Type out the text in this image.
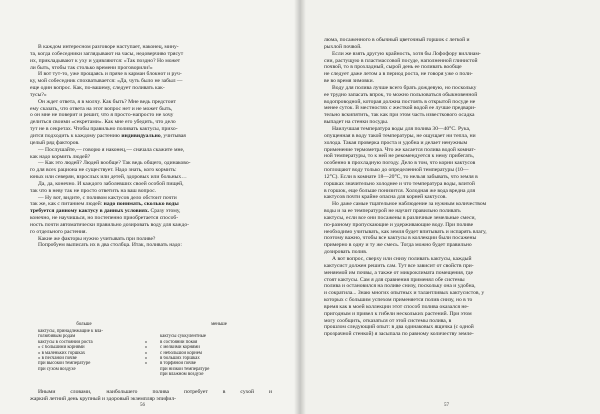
В каждом интересном разговоре наступает, наконец, мину-
та, когда собеседники заглядывают на часы, недоверчиво трясут
их, прикладывают к уху и удивляются: «Так поздно? Но может
ли быть, чтобы так столько времени проговорили!»
И вот тут-то, уже прощаясь и пряче в карман блокнот и руч-
ку, мой собеседник спохватывается: «Да, чуть было не забыл —
еще один вопрос. Как, по-вашему, следует поливать как-
тусы?»
Он ждет ответа, я в молчу. Как быть? Мне ведь предстоит
ему сказать, что ответа на этот вопрос нет и не может быть,
о он мне не поверит и решит, что я просто-напросто не хочу
делиться своими «секретами». Как мне его убедить, что дело
тут не в секретах. Чтобы правильно поливать кактусы, прихо-
дится подходить к каждому растению индивидуально, учитывая
целый ряд факторов.
— Послушайте,— говорю я наконец,— сначала скажите мне,
как надо кормить людей?
— Как это людей? Людей вообще? Так ведь общего, одинаково-
го для всех рациона не существует. Надо знать, кого кормить:
юных или северян, взрослых или детей, здоровых или больных…
Да, да, конечно. И каждого заболевших своей особой пищей,
так что в неву так не просто ответить на ваш вопрос.
— Ну вот, видите, с поливом кактусов дело обстоит почти
так же, как с питанием людей: надо понимать, сколько воды
требуется данному кактусу в данных условиях. Сразу этому,
конечно, не научишься, но постепенно приобретается способ-
ность почти автоматически правильно дозировать воду для каждо-
го отдельного растения.
Какие же факторы нужно учитывать при поливе?
Попробуем выписать их в два столбца. Итак, поливать надо:
больше
кактусы, принадлежащие к вла-
голюбивым родам
кактусы в состоянии роста
» с большими корнями
» в маленьких горшках
» в песчаной почве
при высокой температуре
при сухом воздухе
»
»
»
»
»
меньше
кактусы суккулентные
в состоянии покоя
с мелкими корнями
с небольшой корнем
в больших горшках
в торфяной почве
при низкой температуре
при влажном воздухе
Иными словами, наибольшего полива потребует в сухой и
жаркий летний день крупный и здоровый экземпляр эпифил-
56
люма, посаженного в обычный цветочный горшок с легкой и
рыхлой почвой.
Если же взять другую крайность, хотя бы Лофофору виллиам-
сии, растущую в пластмассовой посуде, наполненной глинистой
почвой, то в прохладный, сырой день ее поливать вообще
не следует даже летом а в период роста, не говоря уже о поли-
ве во время зимовки.
Воду для полива лучше всего брать дождевую, но поскольку
ее трудно запасать впрок, то можно пользоваться обыкновенной
водопроводной, которая должна постоять в открытой посуде не
менее суток. В местностях с жесткой водой ее лучше предвари-
тельно вскипятить, так как при этом часть известкового осадка
выпадет на стенки посуды.
Наилучшая температура воды для полива 30—40°С. Рука,
опущенная в воду такой температуры, не ощущает ни тепла, ни
холода. Такая проверка проста и удобна и делает ненужным
применение термометра. Что же касается полива водой комнат-
ной температуры, то к ней не рекомендуется к нему прибегать,
особенно в прохладную погоду. Дело в том, что корни кактусов
поглощают воду только до определенной температуры (10—
12°С). Если в комнате 18—20°С, то нельзя забывать, что земля в
горшках значительно холоднее и что температура воды, влитой
в горшок, еще больше понизится. Холодная же вода вредна для
кактусов почти крайне опасна для корней кактусов.
Но даже самые тщательное наблюдение за нужным количеством
воды и за ее температурой не научит правильно поливать
кактусы, если все они посажены в различные земельные смеси,
по-разному пропускающие и удерживающие воду. При поливе
необходимо учитывать, как земля будет впитывать и испарять влагу,
поэтому важно, чтобы все кактусы в коллекции были посажены
примерно в одну и ту же смесь. Тогда можно будет правильно
дозировать полив.
А вот вопрос, сверху или снизу поливать кактусы, каждый
кактусист должен решить сам. Тут все зависит от свойств при-
меняемой им почвы, а также от микроклимата помещения, где
стоят кактусы. Сам я для сравнения применял обе системы
полива и остановился на поливе снизу, поскольку она и удобна,
и сократила... Знаю многих опытных и талантливых кактусистов, у
которых с большим успехом применяется полив снизу, но в то
время как в моей коллекции этот способ полива оказался не-
пригодным и привел к гибели нескольких растений. При этом
могу сообщить, отказаться от этой системы полива, в
прошлом следующий опыт: в два одинаковых ящичка (с одной
прозрачной стенкой) я засыпала по равному количеству земле-
57
